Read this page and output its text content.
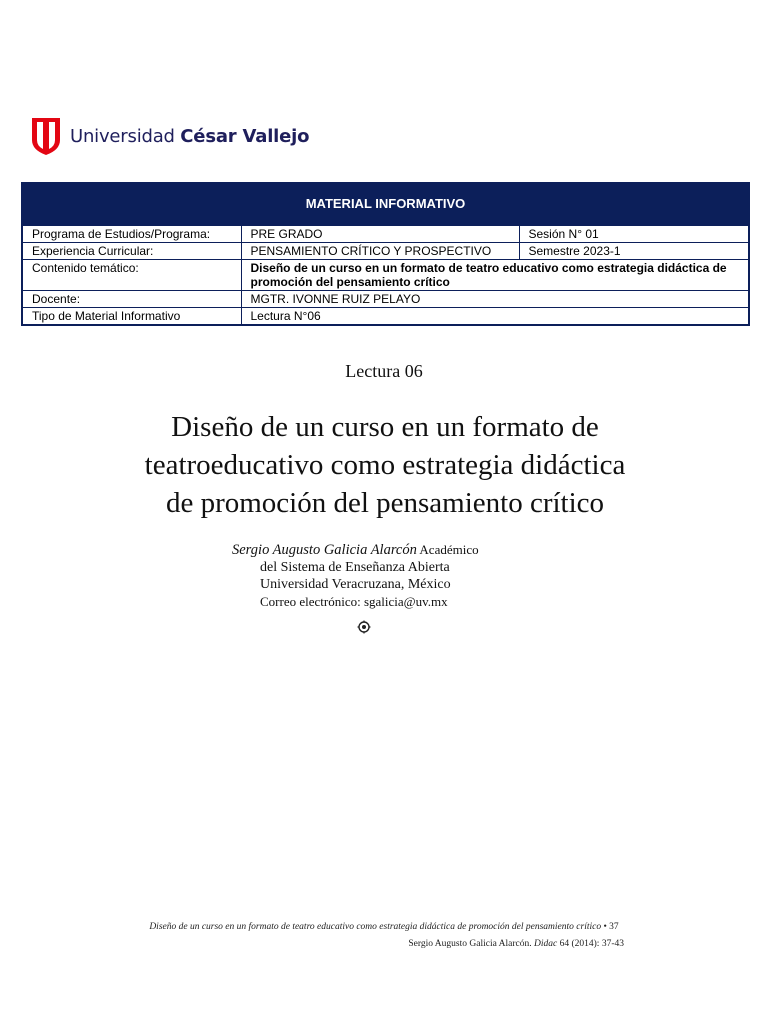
Universidad César Vallejo
MATERIAL INFORMATIVO
Programa de Estudios/Programa:	PRE GRADO	Sesión N° 01
Experiencia Curricular:	PENSAMIENTO CRÍTICO Y PROSPECTIVO	Semestre 2023-1
Contenido temático:	Diseño de un curso en un formato de teatro educativo como estrategia didáctica de promoción del pensamiento crítico	
Docente:	MGTR. IVONNE RUIZ PELAYO	
Tipo de Material Informativo	Lectura N°06	
Lectura 06
Diseño de un curso en un formato de
teatroeducativo como estrategia didáctica
de promoción del pensamiento crítico
Sergio Augusto Galicia Alarcón Académico
del Sistema de Enseñanza Abierta
Universidad Veracruzana, México
Correo electrónico: sgalicia@uv.mx
Diseño de un curso en un formato de teatro educativo como estrategia didáctica de promoción del pensamiento crítico • 37
Sergio Augusto Galicia Alarcón. Didac 64 (2014): 37-43
